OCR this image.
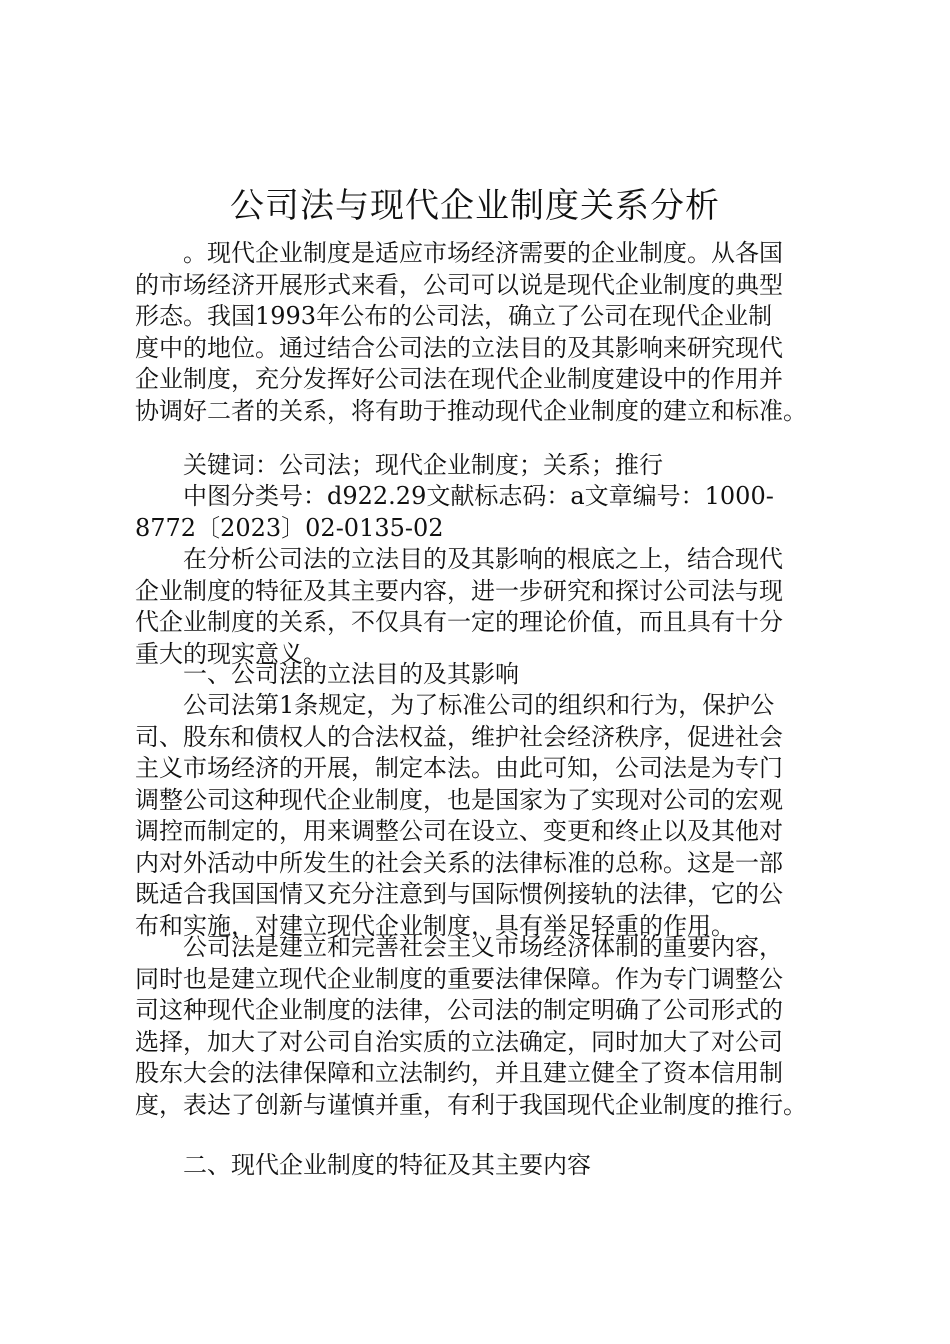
公司法与现代企业制度关系分析
。现代企业制度是适应市场经济需要的企业制度。从各国
的市场经济开展形式来看，公司可以说是现代企业制度的典型
形态。我国1993年公布的公司法，确立了公司在现代企业制
度中的地位。通过结合公司法的立法目的及其影响来研究现代
企业制度，充分发挥好公司法在现代企业制度建设中的作用并
协调好二者的关系，将有助于推动现代企业制度的建立和标准。
关键词：公司法；现代企业制度；关系；推行
中图分类号：d922.29文献标志码：a文章编号：1000-
8772〔2023〕02-0135-02
在分析公司法的立法目的及其影响的根底之上，结合现代
企业制度的特征及其主要内容，进一步研究和探讨公司法与现
代企业制度的关系，不仅具有一定的理论价值，而且具有十分
重大的现实意义。
一、公司法的立法目的及其影响
公司法第1条规定，为了标准公司的组织和行为，保护公
司、股东和债权人的合法权益，维护社会经济秩序，促进社会
主义市场经济的开展，制定本法。由此可知，公司法是为专门
调整公司这种现代企业制度，也是国家为了实现对公司的宏观
调控而制定的，用来调整公司在设立、变更和终止以及其他对
内对外活动中所发生的社会关系的法律标准的总称。这是一部
既适合我国国情又充分注意到与国际惯例接轨的法律，它的公
布和实施，对建立现代企业制度，具有举足轻重的作用。
公司法是建立和完善社会主义市场经济体制的重要内容，
同时也是建立现代企业制度的重要法律保障。作为专门调整公
司这种现代企业制度的法律，公司法的制定明确了公司形式的
选择，加大了对公司自治实质的立法确定，同时加大了对公司
股东大会的法律保障和立法制约，并且建立健全了资本信用制
度，表达了创新与谨慎并重，有利于我国现代企业制度的推行。
二、现代企业制度的特征及其主要内容
